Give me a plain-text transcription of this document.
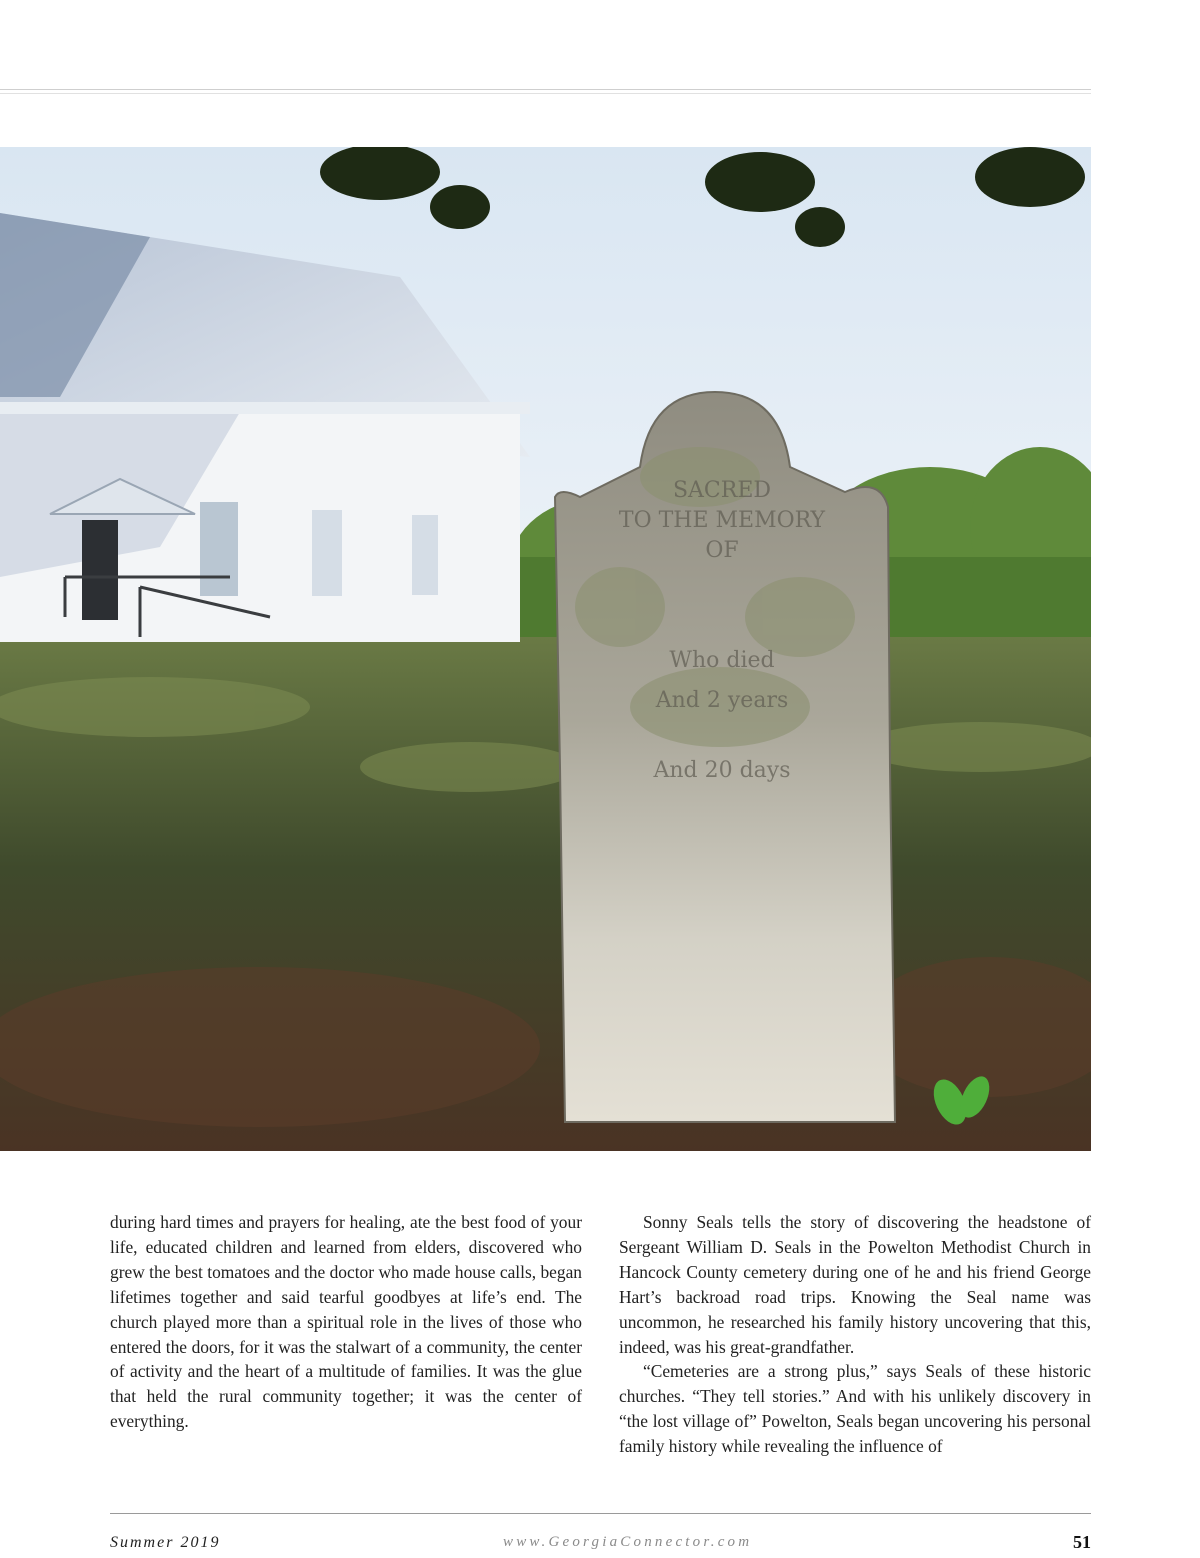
SACRED
TO THE MEMORY
OF
Who died
And 2 years
And 20 days

during hard times and prayers for healing, ate the best food of your life, educated children and learned from elders, discovered who grew the best tomatoes and the doctor who made house calls, began lifetimes together and said tearful goodbyes at life’s end. The church played more than a spiritual role in the lives of those who entered the doors, for it was the stalwart of a community, the center of activity and the heart of a multitude of families. It was the glue that held the rural community together; it was the center of everything.

Sonny Seals tells the story of discovering the headstone of Sergeant William D. Seals in the Powelton Methodist Church in Hancock County cemetery during one of he and his friend George Hart’s backroad road trips. Knowing the Seal name was uncommon, he researched his family history uncovering that this, indeed, was his great-grandfather.

“Cemeteries are a strong plus,” says Seals of these historic churches. “They tell stories.” And with his unlikely discovery in “the lost village of” Powelton, Seals began uncovering his personal family history while revealing the influence of

Summer 2019	www.GeorgiaConnector.com	51
